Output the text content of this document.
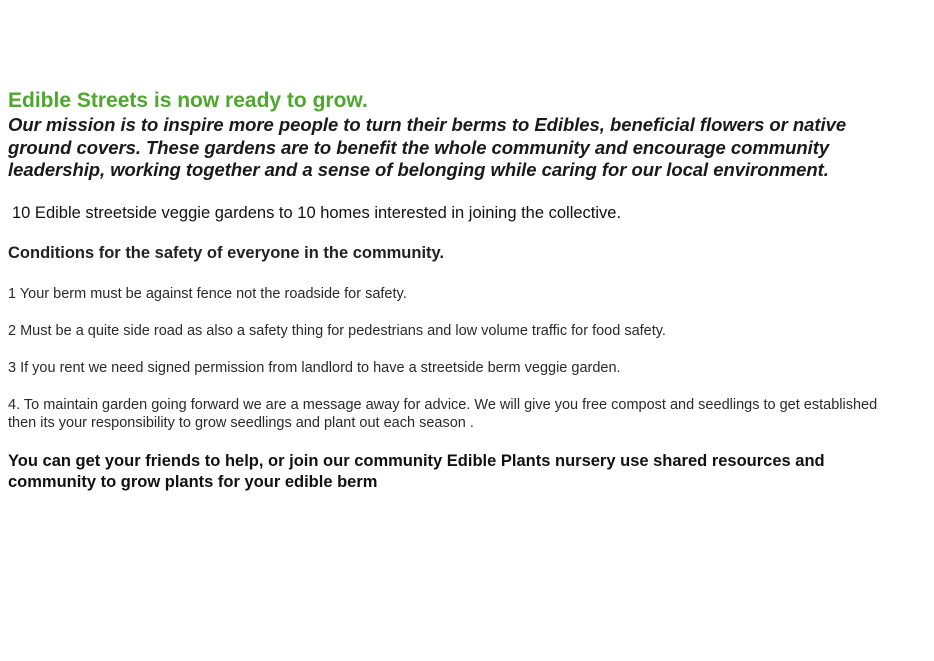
Edible Streets is now ready to grow.

Our mission is to inspire more people to turn their berms to Edibles, beneficial flowers or native ground covers. These gardens are to benefit the whole community and encourage community leadership, working together and a sense of belonging while caring for our local environment.

10 Edible streetside veggie gardens to 10 homes interested in joining the collective.

Conditions for the safety of everyone in the community.

1 Your berm must be against fence not the roadside for safety.

2 Must be a quite side road as also a safety thing for pedestrians and low volume traffic for food safety.

3 If you rent we need signed permission from landlord to have a streetside berm veggie garden.

4. To maintain garden going forward we are a message away for advice. We will give you free compost and seedlings to get established then its your responsibility to grow seedlings and plant out each season .

You can get your friends to help, or join our community Edible Plants nursery use shared resources and community to grow plants for your edible berm
